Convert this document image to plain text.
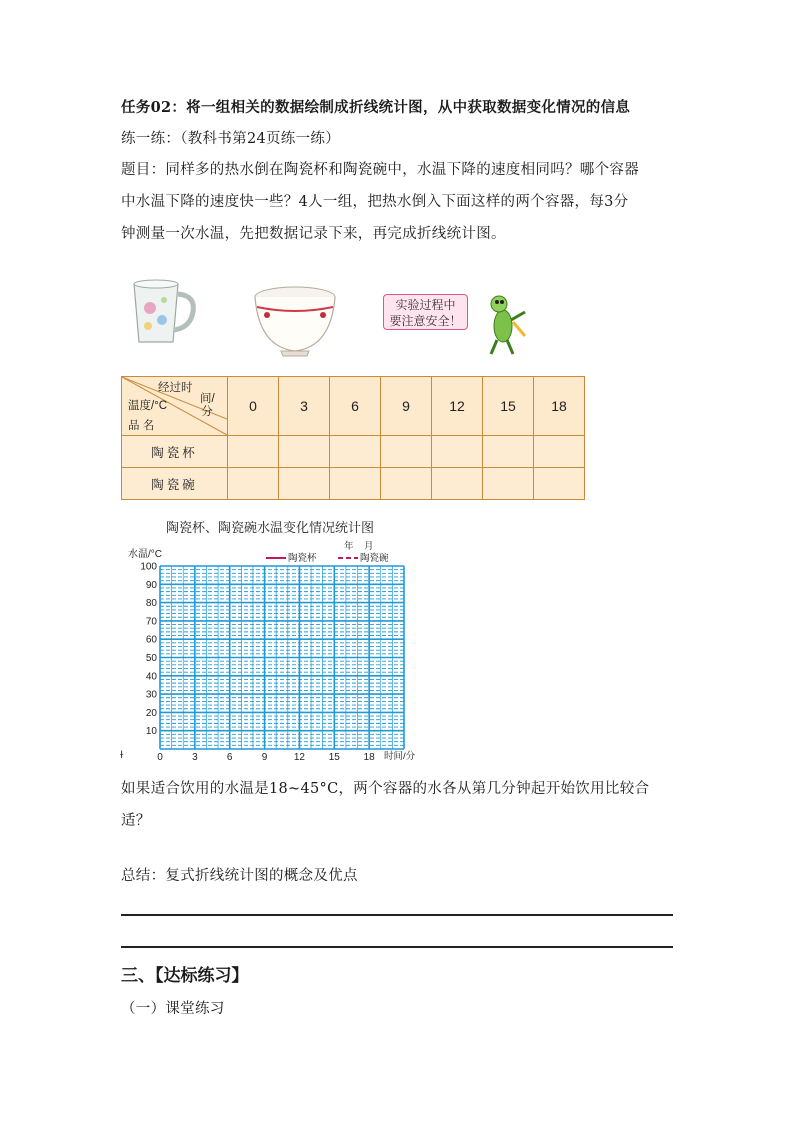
任务02：将一组相关的数据绘制成折线统计图，从中获取数据变化情况的信息
练一练：（教科书第24页练一练）
题目：同样多的热水倒在陶瓷杯和陶瓷碗中，水温下降的速度相同吗？哪个容器
中水温下降的速度快一些？4人一组，把热水倒入下面这样的两个容器，每3分
钟测量一次水温，先把数据记录下来，再完成折线统计图。
实验过程中
要注意安全！
经过时
间/分
温度/°C
品 名	0	3	6	9	12	15	18
陶瓷杯							
陶瓷碗							
陶瓷杯、陶瓷碗水温变化情况统计图
水温/°C
年    月
陶瓷杯	陶瓷碗
10
20
30
40
50
60
70
80
90
100
0	3	6	9	12 15 18 时间/分
ɫ
如果适合饮用的水温是18~45°C，两个容器的水各从第几分钟起开始饮用比较合
适？
总结：复式折线统计图的概念及优点
三、【达标练习】
（一）课堂练习
